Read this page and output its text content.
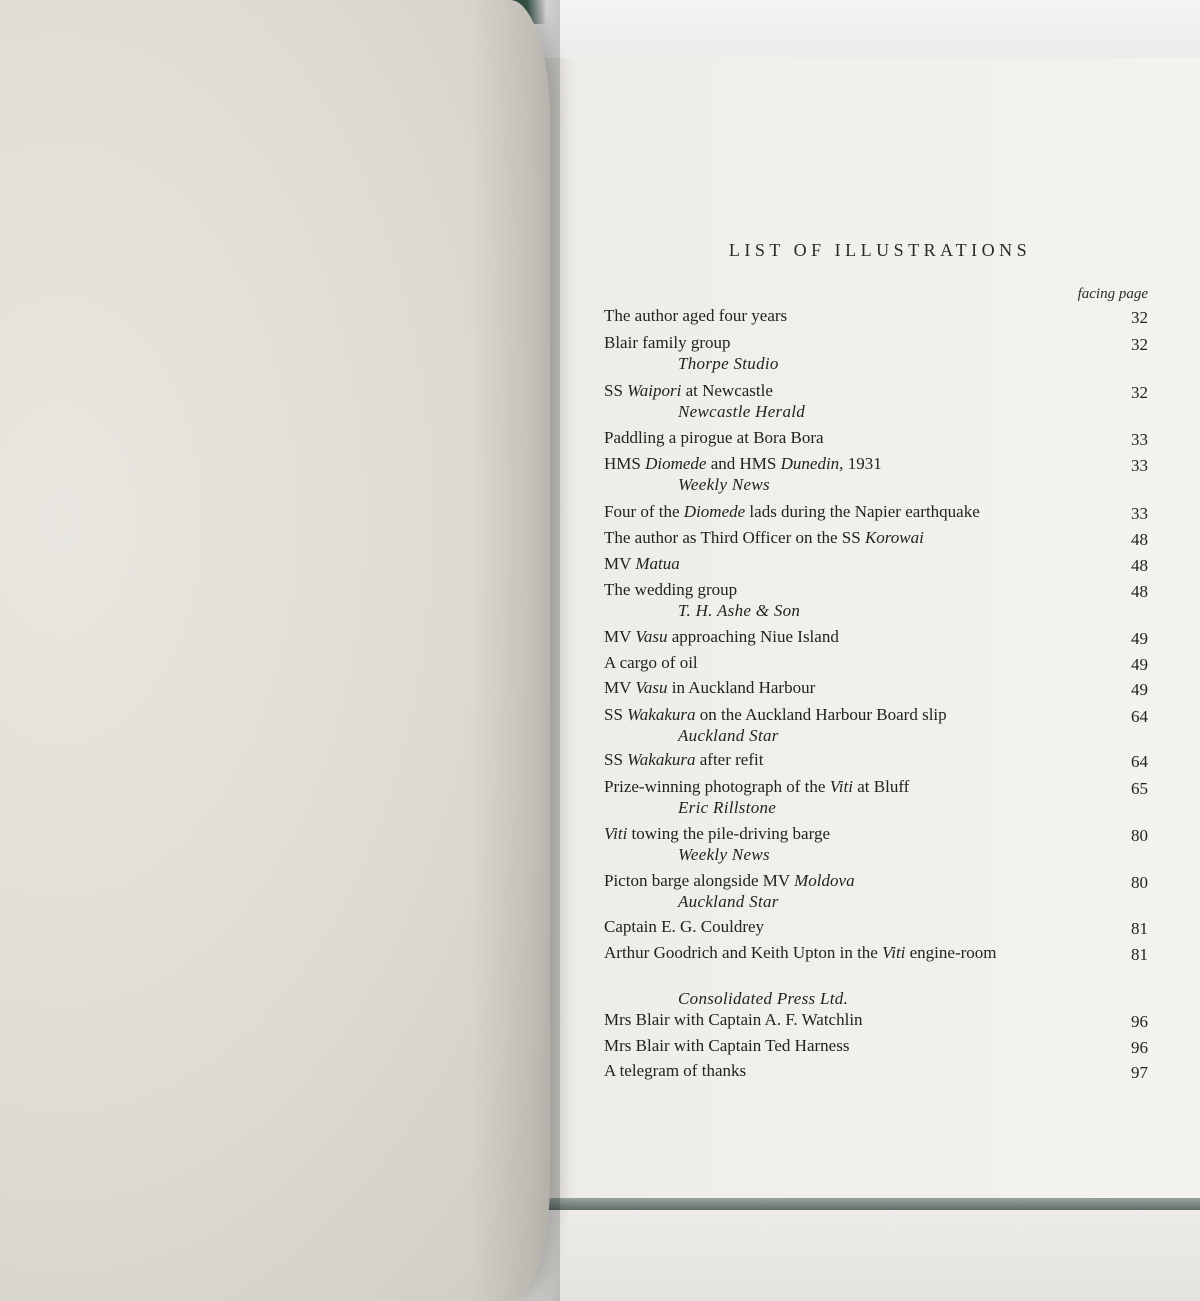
LIST OF ILLUSTRATIONS
facing page
The author aged four years	32
Blair family group	32
Thorpe Studio
SS Waipori at Newcastle	32
Newcastle Herald
Paddling a pirogue at Bora Bora	33
HMS Diomede and HMS Dunedin, 1931	33
Weekly News
Four of the Diomede lads during the Napier earthquake	33
The author as Third Officer on the SS Korowai	48
MV Matua	48
The wedding group	48
T. H. Ashe & Son
MV Vasu approaching Niue Island	49
A cargo of oil	49
MV Vasu in Auckland Harbour	49
SS Wakakura on the Auckland Harbour Board slip	64
Auckland Star
SS Wakakura after refit	64
Prize-winning photograph of the Viti at Bluff	65
Eric Rillstone
Viti towing the pile-driving barge	80
Weekly News
Picton barge alongside MV Moldova	80
Auckland Star
Captain E. G. Couldrey	81
Arthur Goodrich and Keith Upton in the Viti engine-room	81
Consolidated Press Ltd.
Mrs Blair with Captain A. F. Watchlin	96
Mrs Blair with Captain Ted Harness	96
A telegram of thanks	97
